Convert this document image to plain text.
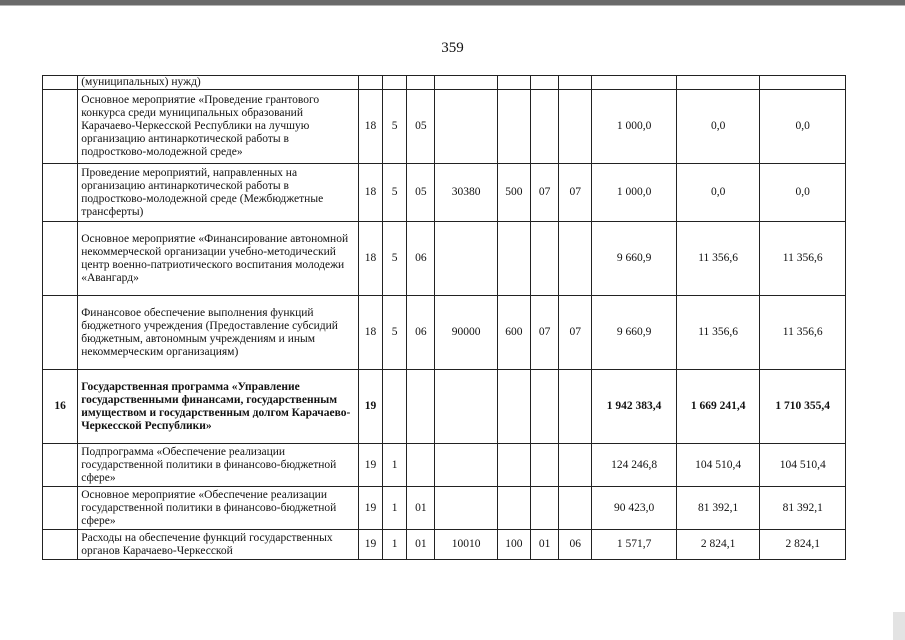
359
	(муниципальных) нужд)										
	Основное мероприятие «Проведение грантового конкурса среди муниципальных образований Карачаево-Черкесской Республики на лучшую организацию антинаркотической работы в подростково-молодежной среде»	18	5	05					1 000,0	0,0	0,0
	Проведение мероприятий, направленных на организацию антинаркотической работы в подростково-молодежной среде (Межбюджетные трансферты)	18	5	05	30380	500	07	07	1 000,0	0,0	0,0
	Основное мероприятие «Финансирование автономной некоммерческой организации учебно-методический центр военно-патриотического воспитания молодежи «Авангард»	18	5	06					9 660,9	11 356,6	11 356,6
	Финансовое обеспечение выполнения функций бюджетного учреждения (Предоставление субсидий бюджетным, автономным учреждениям и иным некоммерческим организациям)	18	5	06	90000	600	07	07	9 660,9	11 356,6	11 356,6
16	Государственная программа «Управление государственными финансами, государственным имуществом и государственным долгом Карачаево-Черкесской Республики»	19							1 942 383,4	1 669 241,4	1 710 355,4
	Подпрограмма «Обеспечение реализации государственной политики в финансово-бюджетной сфере»	19	1						124 246,8	104 510,4	104 510,4
	Основное мероприятие «Обеспечение реализации государственной политики в финансово-бюджетной сфере»	19	1	01					90 423,0	81 392,1	81 392,1
	Расходы на обеспечение функций государственных органов Карачаево-Черкесской	19	1	01	10010	100	01	06	1 571,7	2 824,1	2 824,1
